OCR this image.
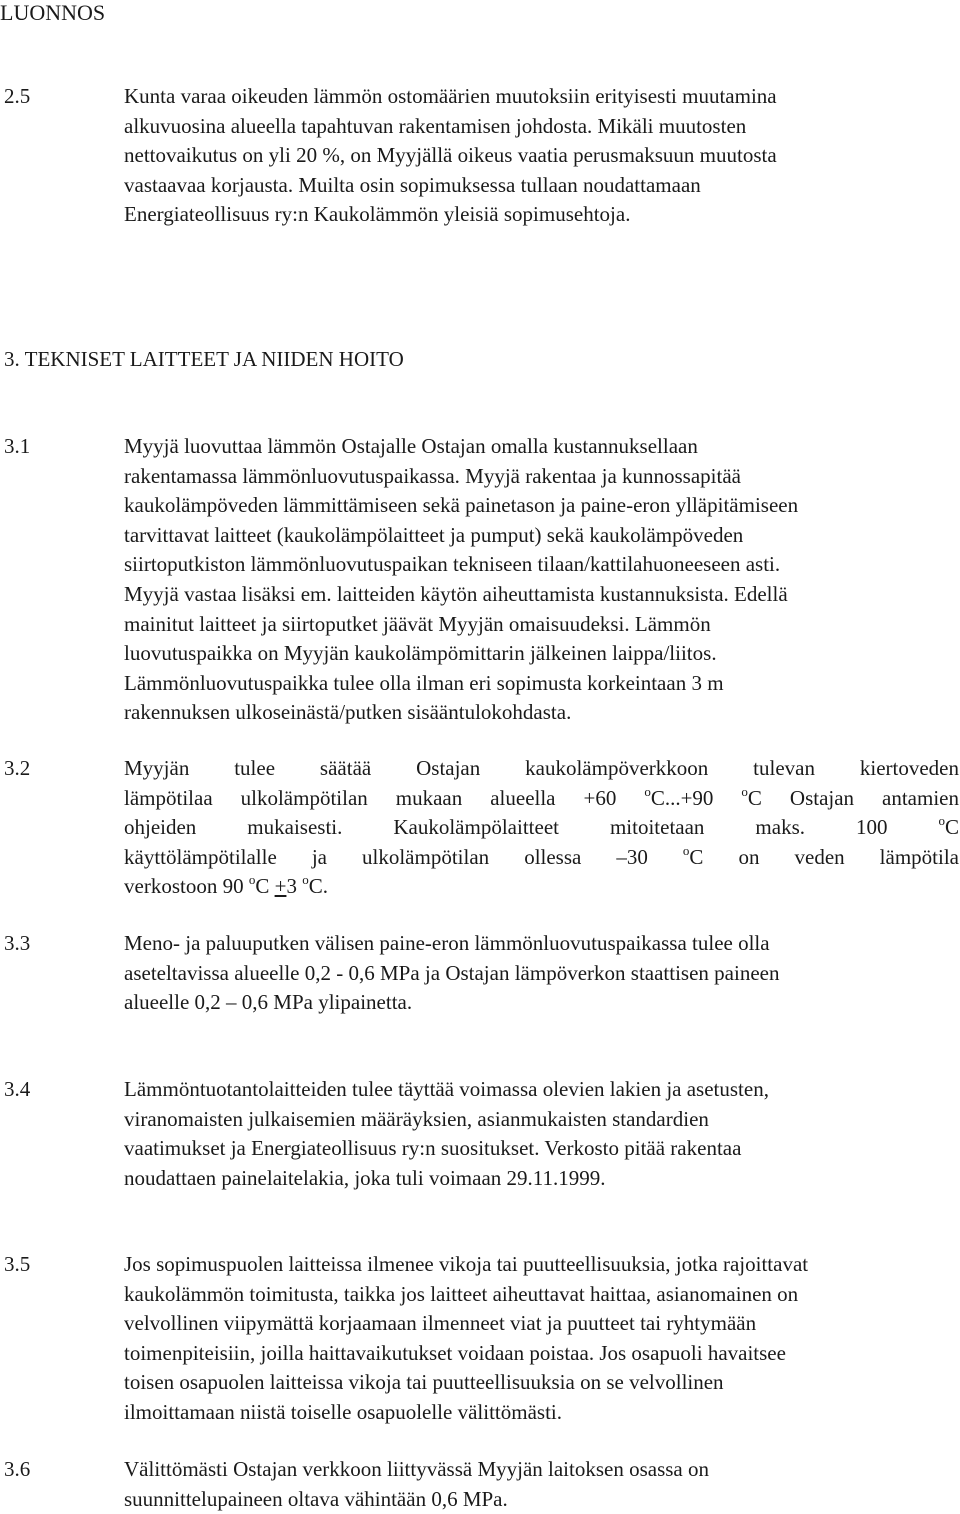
LUONNOS
2.5	Kunta varaa oikeuden lämmön ostomäärien muutoksiin erityisesti muutamina
alkuvuosina alueella tapahtuvan rakentamisen johdosta. Mikäli muutosten
nettovaikutus on yli 20 %, on Myyjällä oikeus vaatia perusmaksuun muutosta
vastaavaa korjausta. Muilta osin sopimuksessa tullaan noudattamaan
Energiateollisuus ry:n Kaukolämmön yleisiä sopimusehtoja.
3. TEKNISET LAITTEET JA NIIDEN HOITO
3.1	Myyjä luovuttaa lämmön Ostajalle Ostajan omalla kustannuksellaan
rakentamassa lämmönluovutuspaikassa. Myyjä rakentaa ja kunnossapitää
kaukolämpöveden lämmittämiseen sekä painetason ja paine-eron ylläpitämiseen
tarvittavat laitteet (kaukolämpölaitteet ja pumput) sekä kaukolämpöveden
siirtoputkiston lämmönluovutuspaikan tekniseen tilaan/kattilahuoneeseen asti.
Myyjä vastaa lisäksi em. laitteiden käytön aiheuttamista kustannuksista. Edellä
mainitut laitteet ja siirtoputket jäävät Myyjän omaisuudeksi. Lämmön
luovutuspaikka on Myyjän kaukolämpömittarin jälkeinen laippa/liitos.
Lämmönluovutuspaikka tulee olla ilman eri sopimusta korkeintaan 3 m
rakennuksen ulkoseinästä/putken sisääntulokohdasta.
3.2	Myyjän tulee säätää Ostajan kaukolämpöverkkoon tulevan kiertoveden
lämpötilaa ulkolämpötilan mukaan alueella +60 $^o$C...+90 $^o$C Ostajan antamien
ohjeiden mukaisesti. Kaukolämpölaitteet mitoitetaan maks. 100 $^o$C
käyttölämpötilalle ja ulkolämpötilan ollessa –30 $^o$C on veden lämpötila
verkostoon 90 $^o$C +3 $^o$C.
3.3	Meno- ja paluuputken välisen paine-eron lämmönluovutuspaikassa tulee olla
aseteltavissa alueelle 0,2 - 0,6 MPa ja Ostajan lämpöverkon staattisen paineen
alueelle 0,2 – 0,6 MPa ylipainetta.
3.4	Lämmöntuotantolaitteiden tulee täyttää voimassa olevien lakien ja asetusten,
viranomaisten julkaisemien määräyksien, asianmukaisten standardien
vaatimukset ja Energiateollisuus ry:n suositukset. Verkosto pitää rakentaa
noudattaen painelaitelakia, joka tuli voimaan 29.11.1999.
3.5	Jos sopimuspuolen laitteissa ilmenee vikoja tai puutteellisuuksia, jotka rajoittavat
kaukolämmön toimitusta, taikka jos laitteet aiheuttavat haittaa, asianomainen on
velvollinen viipymättä korjaamaan ilmenneet viat ja puutteet tai ryhtymään
toimenpiteisiin, joilla haittavaikutukset voidaan poistaa. Jos osapuoli havaitsee
toisen osapuolen laitteissa vikoja tai puutteellisuuksia on se velvollinen
ilmoittamaan niistä toiselle osapuolelle välittömästi.
3.6	Välittömästi Ostajan verkkoon liittyvässä Myyjän laitoksen osassa on
suunnittelupaineen oltava vähintään 0,6 MPa.
